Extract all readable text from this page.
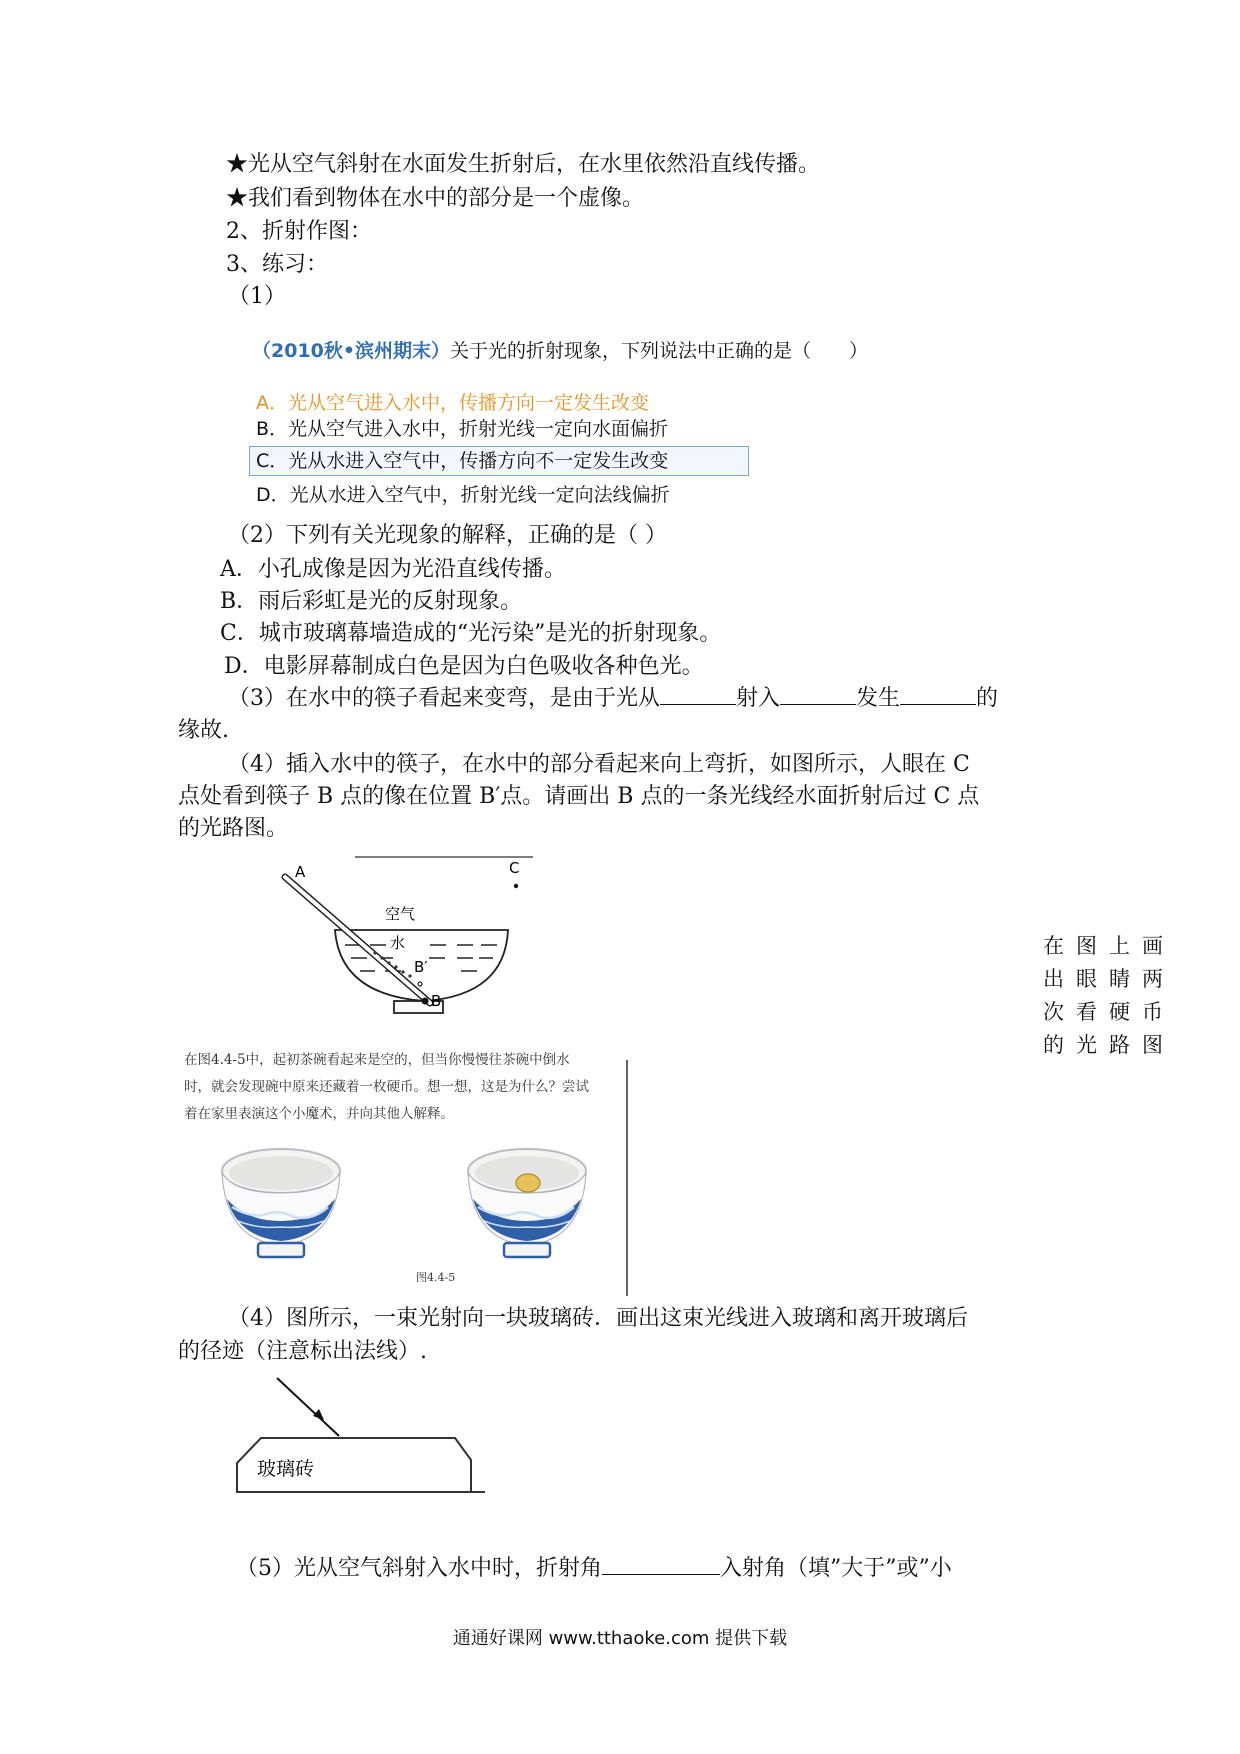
★光从空气斜射在水面发生折射后，在水里依然沿直线传播。
★我们看到物体在水中的部分是一个虚像。
2、折射作图：
3、练习：
（1）
（2010秋•滨州期末）关于光的折射现象，下列说法中正确的是（　　）
A．光从空气进入水中，传播方向一定发生改变
B．光从空气进入水中，折射光线一定向水面偏折
C．光从水进入空气中，传播方向不一定发生改变
D．光从水进入空气中，折射光线一定向法线偏折
（2）下列有关光现象的解释，正确的是（ ）
A．小孔成像是因为光沿直线传播。
B．雨后彩虹是光的反射现象。
C．城市玻璃幕墙造成的“光污染”是光的折射现象。
D．电影屏幕制成白色是因为白色吸收各种色光。
（3）在水中的筷子看起来变弯，是由于光从	射入	发生	的
缘故.
（4）插入水中的筷子，在水中的部分看起来向上弯折，如图所示，人眼在 C
点处看到筷子 B 点的像在位置 B′点。请画出 B 点的一条光线经水面折射后过 C 点
的光路图。
A	C
空气
水
B′
B
在图上画
出眼睛两
次看硬币
的光路图
在图4.4-5中，起初茶碗看起来是空的，但当你慢慢往茶碗中倒水
时，就会发现碗中原来还藏着一枚硬币。想一想，这是为什么？尝试
着在家里表演这个小魔术，并向其他人解释。
图4.4-5
（4）图所示，一束光射向一块玻璃砖．画出这束光线进入玻璃和离开玻璃后
的径迹（注意标出法线）.
玻璃砖
（5）光从空气斜射入水中时，折射角	入射角（填”大于”或”小
通通好课网 www.tthaoke.com 提供下载
